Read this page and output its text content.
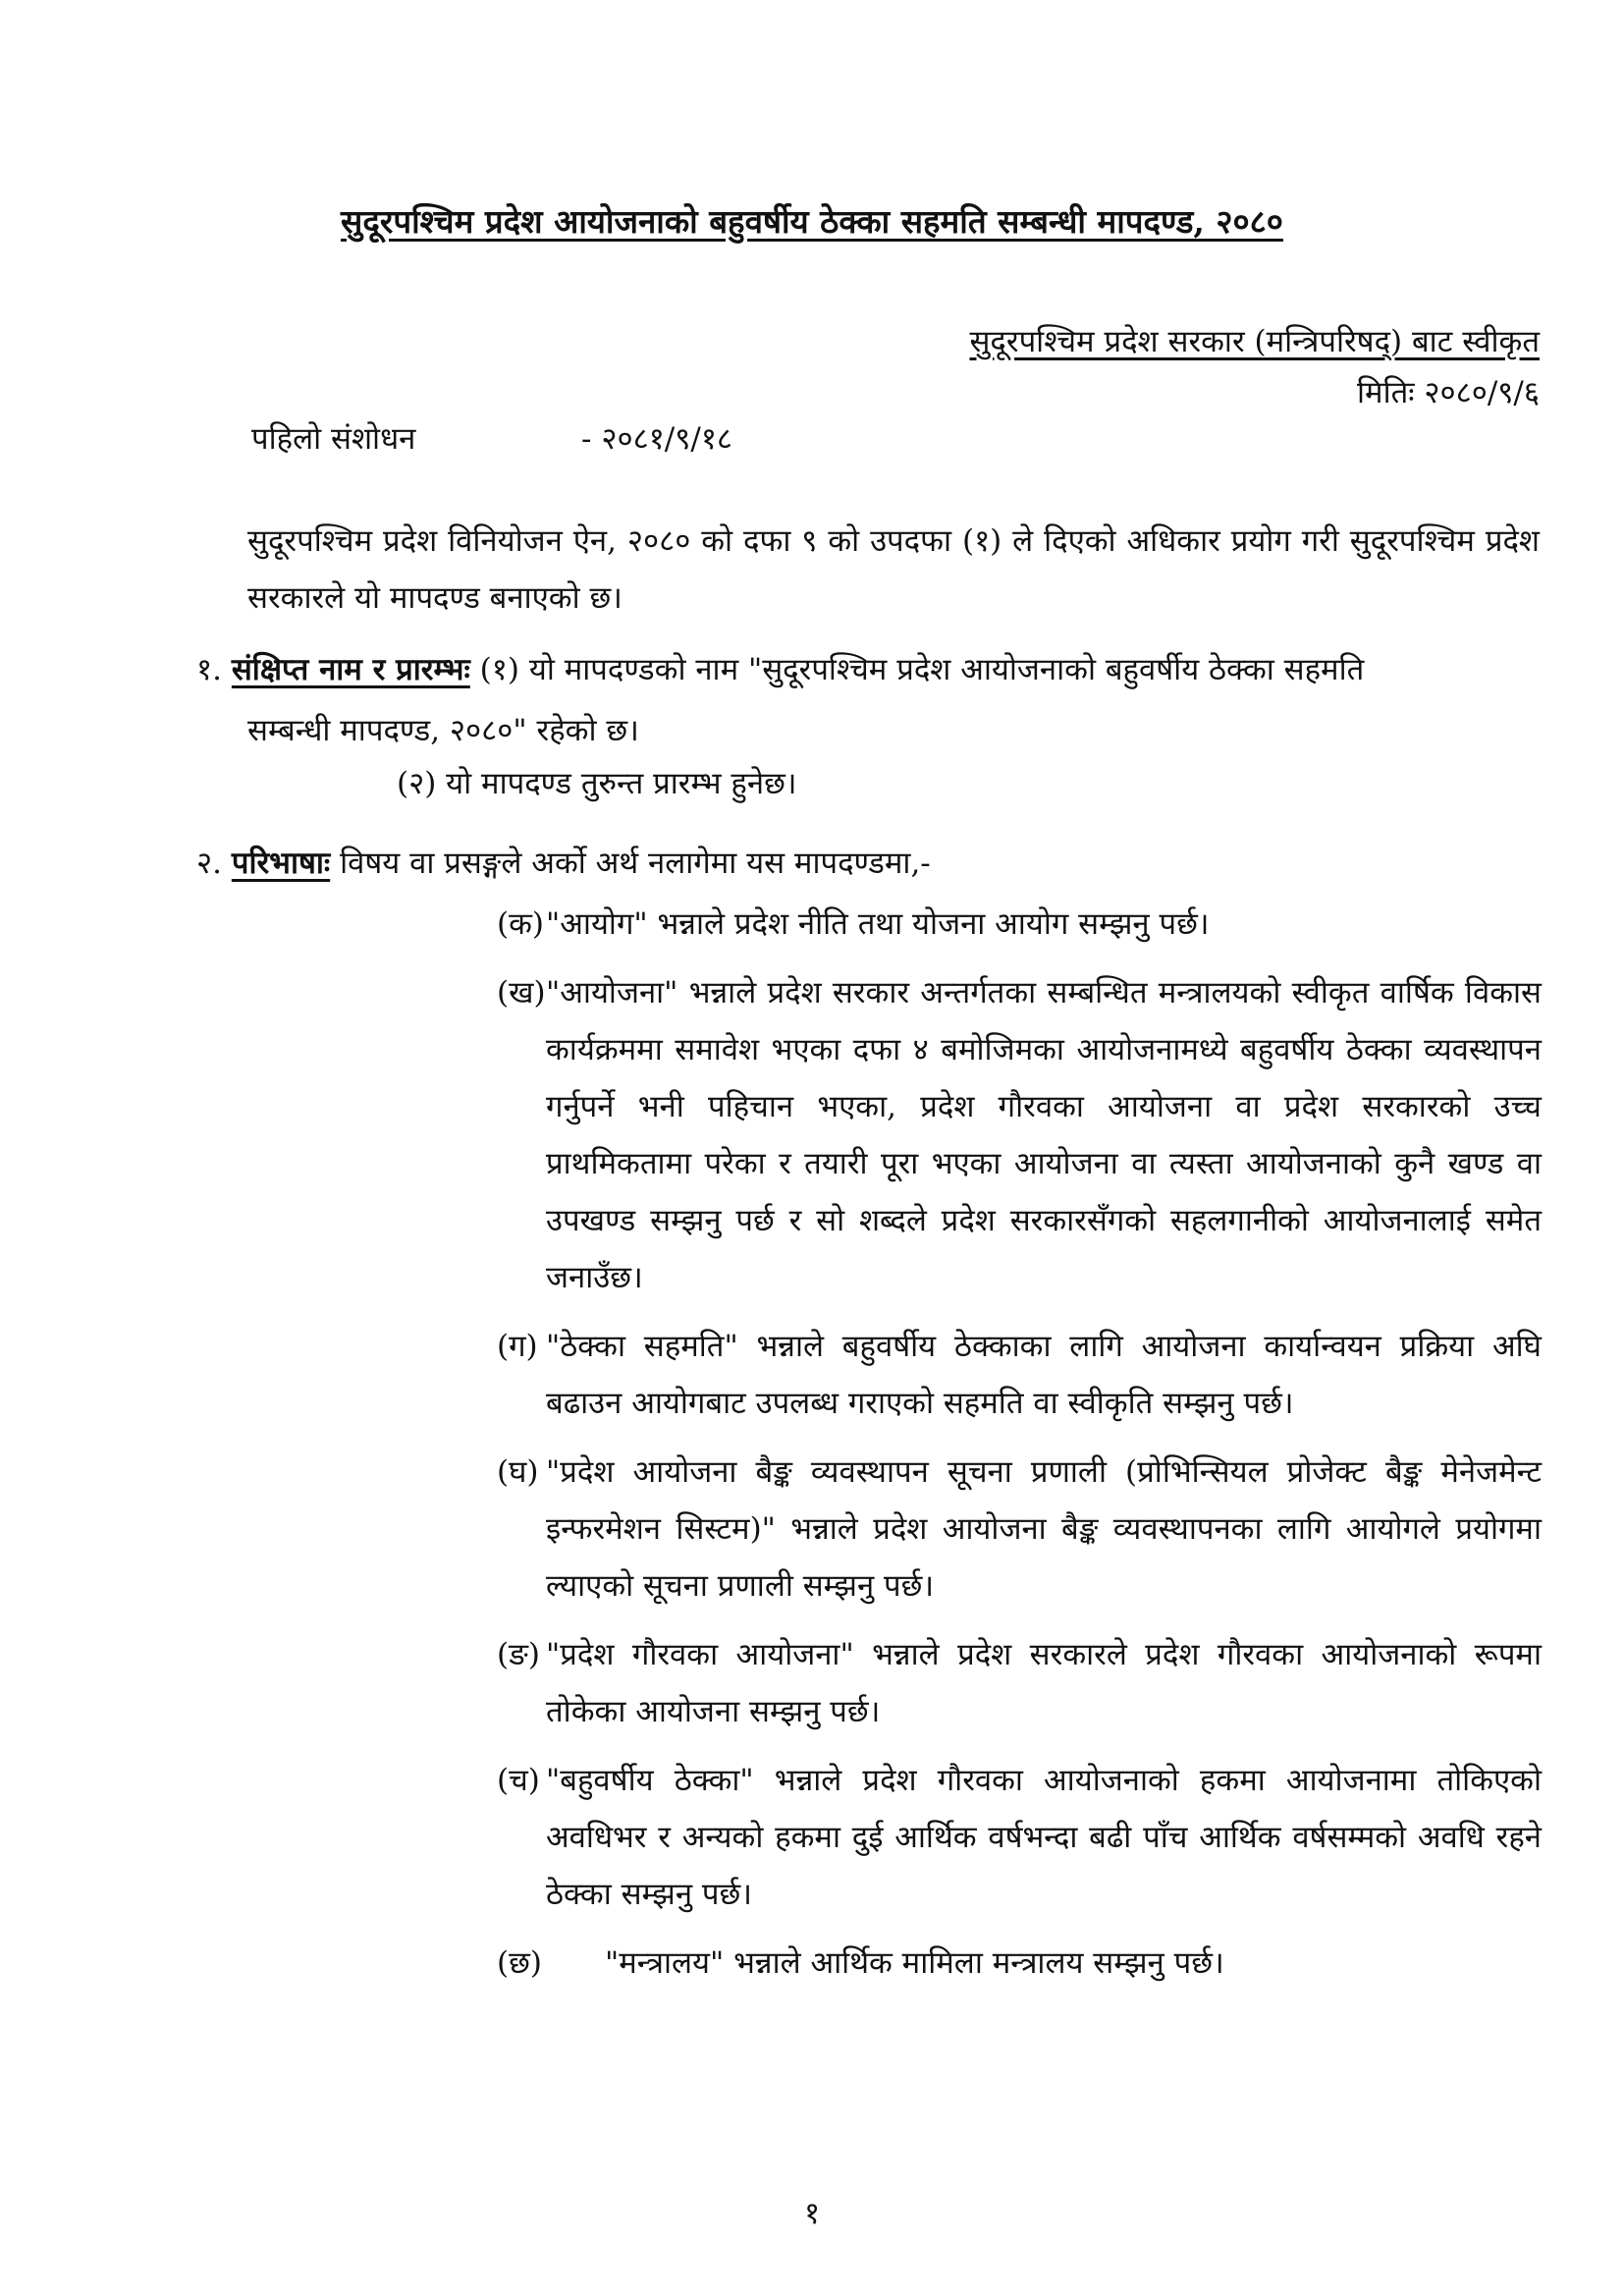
सुदूरपश्चिम प्रदेश आयोजनाको बहुवर्षीय ठेक्का सहमति सम्बन्धी मापदण्ड, २०८०
सुदूरपश्चिम प्रदेश सरकार (मन्त्रिपरिषद्) बाट स्वीकृत
मितिः २०८०/९/६
पहिलो संशोधन	- २०८१/९/१८
सुदूरपश्चिम प्रदेश विनियोजन ऐन, २०८० को दफा ९ को उपदफा (१) ले दिएको अधिकार प्रयोग गरी सुदूरपश्चिम प्रदेश सरकारले यो मापदण्ड बनाएको छ।
१. संक्षिप्त नाम र प्रारम्भः (१) यो मापदण्डको नाम "सुदूरपश्चिम प्रदेश आयोजनाको बहुवर्षीय ठेक्का सहमति
सम्बन्धी मापदण्ड, २०८०" रहेको छ।
(२) यो मापदण्ड तुरुन्त प्रारम्भ हुनेछ।
२. परिभाषाः विषय वा प्रसङ्गले अर्को अर्थ नलागेमा यस मापदण्डमा,-
(क) "आयोग" भन्नाले प्रदेश नीति तथा योजना आयोग सम्झनु पर्छ।
(ख) "आयोजना" भन्नाले प्रदेश सरकार अन्तर्गतका सम्बन्धित मन्त्रालयको स्वीकृत वार्षिक विकास कार्यक्रममा समावेश भएका दफा ४ बमोजिमका आयोजनामध्ये बहुवर्षीय ठेक्का व्यवस्थापन गर्नुपर्ने भनी पहिचान भएका, प्रदेश गौरवका आयोजना वा प्रदेश सरकारको उच्च प्राथमिकतामा परेका र तयारी पूरा भएका आयोजना वा त्यस्ता आयोजनाको कुनै खण्ड वा उपखण्ड सम्झनु पर्छ र सो शब्दले प्रदेश सरकारसँगको सहलगानीको आयोजनालाई समेत जनाउँछ।
(ग) "ठेक्का सहमति" भन्नाले बहुवर्षीय ठेक्काका लागि आयोजना कार्यान्वयन प्रक्रिया अघि बढाउन आयोगबाट उपलब्ध गराएको सहमति वा स्वीकृति सम्झनु पर्छ।
(घ) "प्रदेश आयोजना बैङ्क व्यवस्थापन सूचना प्रणाली (प्रोभिन्सियल प्रोजेक्ट बैङ्क मेनेजमेन्ट इन्फरमेशन सिस्टम)" भन्नाले प्रदेश आयोजना बैङ्क व्यवस्थापनका लागि आयोगले प्रयोगमा ल्याएको सूचना प्रणाली सम्झनु पर्छ।
(ङ) "प्रदेश गौरवका आयोजना" भन्नाले प्रदेश सरकारले प्रदेश गौरवका आयोजनाको रूपमा तोकेका आयोजना सम्झनु पर्छ।
(च) "बहुवर्षीय ठेक्का" भन्नाले प्रदेश गौरवका आयोजनाको हकमा आयोजनामा तोकिएको अवधिभर र अन्यको हकमा दुई आर्थिक वर्षभन्दा बढी पाँच आर्थिक वर्षसम्मको अवधि रहने ठेक्का सम्झनु पर्छ।
(छ) "मन्त्रालय" भन्नाले आर्थिक मामिला मन्त्रालय सम्झनु पर्छ।
१
